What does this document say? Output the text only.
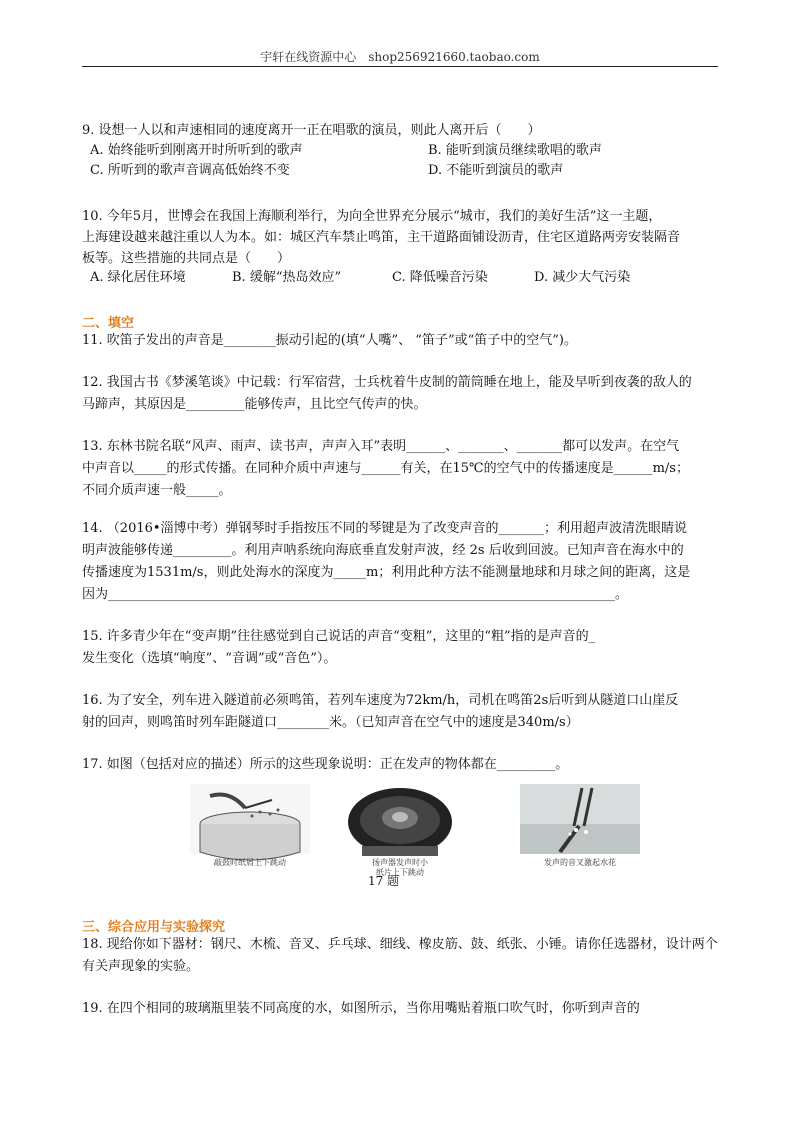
宇轩在线资源中心　shop256921660.taobao.com
9. 设想一人以和声速相同的速度离开一正在唱歌的演员，则此人离开后（　　）
A. 始终能听到刚离开时所听到的歌声	B. 能听到演员继续歌唱的歌声
C. 所听到的歌声音调高低始终不变	D. 不能听到演员的歌声
10. 今年5月，世博会在我国上海顺利举行，为向全世界充分展示“城市，我们的美好生活”这一主题，
上海建设越来越注重以人为本。如：城区汽车禁止鸣笛，主干道路面铺设沥青，住宅区道路两旁安装隔音
板等。这些措施的共同点是（　　）
A. 绿化居住环境	B. 缓解“热岛效应”	C. 降低噪音污染	D. 减少大气污染
二、填空
11. 吹笛子发出的声音是________振动引起的(填“人嘴”、 “笛子”或“笛子中的空气”)。
12. 我国古书《梦溪笔谈》中记载：行军宿营，士兵枕着牛皮制的箭筒睡在地上，能及早听到夜袭的敌人的
马蹄声，其原因是_________能够传声，且比空气传声的快。
13. 东林书院名联“风声、雨声、读书声，声声入耳”表明______、_______、_______都可以发声。在空气
中声音以_____的形式传播。在同种介质中声速与______有关，在15℃的空气中的传播速度是______m/s；
不同介质声速一般_____。
14. （2016•淄博中考）弹钢琴时手指按压不同的琴键是为了改变声音的_______；利用超声波清洗眼睛说
明声波能够传递_________。利用声呐系统向海底垂直发射声波，经 2s 后收到回波。已知声音在海水中的
传播速度为1531m/s，则此处海水的深度为_____m；利用此种方法不能测量地球和月球之间的距离，这是
因为______________________________________________________________________________。
15. 许多青少年在“变声期”往往感觉到自己说话的声音“变粗”，这里的“粗”指的是声音的_
发生变化（选填“响度”、“音调”或“音色”）。
16. 为了安全，列车进入隧道前必须鸣笛，若列车速度为72km/h，司机在鸣笛2s后听到从隧道口山崖反
射的回声，则鸣笛时列车距隧道口________米。（已知声音在空气中的速度是340m/s）
17. 如图（包括对应的描述）所示的这些现象说明：正在发声的物体都在_________。
敲鼓时纸屑上下跳动	扬声器发声时小
纸片上下跳动
发声的音叉激起水花
17 题
三、综合应用与实验探究
18. 现给你如下器材：钢尺、木梳、音叉、乒乓球、细线、橡皮筋、鼓、纸张、小锤。请你任选器材，设计两个
有关声现象的实验。
19. 在四个相同的玻璃瓶里装不同高度的水，如图所示，当你用嘴贴着瓶口吹气时，你听到声音的
